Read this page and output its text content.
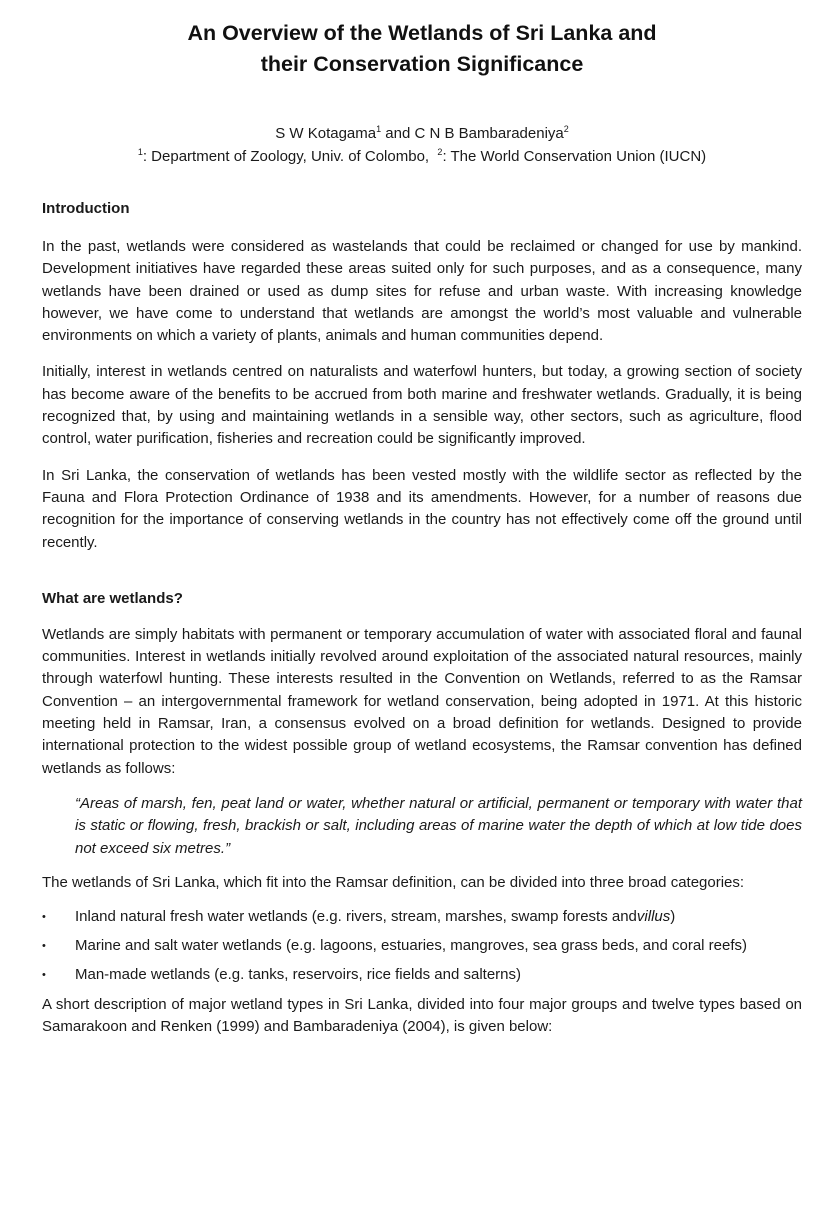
An Overview of the Wetlands of Sri Lanka and
their Conservation Significance
S W Kotagama$^1$ and C N B Bambaradeniya$^2$
$^1$: Department of Zoology, Univ. of Colombo,  $^2$: The World Conservation Union (IUCN)
Introduction

In the past, wetlands were considered as wastelands that could be reclaimed or changed for use by mankind. Development initiatives have regarded these areas suited only for such purposes, and as a consequence, many wetlands have been drained or used as dump sites for refuse and urban waste. With increasing knowledge however, we have come to understand that wetlands are amongst the world’s most valuable and vulnerable environments on which a variety of plants, animals and human communities depend.

Initially, interest in wetlands centred on naturalists and waterfowl hunters, but today, a growing section of society has become aware of the benefits to be accrued from both marine and freshwater wetlands. Gradually, it is being recognized that, by using and maintaining wetlands in a sensible way, other sectors, such as agriculture, flood control, water purification, fisheries and recreation could be significantly improved.

In Sri Lanka, the conservation of wetlands has been vested mostly with the wildlife sector as reflected by the Fauna and Flora Protection Ordinance of 1938 and its amendments. However, for a number of reasons due recognition for the importance of conserving wetlands in the country has not effectively come off the ground until recently.

What are wetlands?

Wetlands are simply habitats with permanent or temporary accumulation of water with associated floral and faunal communities. Interest in wetlands initially revolved around exploitation of the associated natural resources, mainly through waterfowl hunting. These interests resulted in the Convention on Wetlands, referred to as the Ramsar Convention – an intergovernmental framework for wetland conservation, being adopted in 1971. At this historic meeting held in Ramsar, Iran, a consensus evolved on a broad definition for wetlands. Designed to provide international protection to the widest possible group of wetland ecosystems, the Ramsar convention has defined wetlands as follows:

“Areas of marsh, fen, peat land or water, whether natural or artificial, permanent or temporary with water that is static or flowing, fresh, brackish or salt, including areas of marine water the depth of which at low tide does not exceed six metres.”

The wetlands of Sri Lanka, which fit into the Ramsar definition, can be divided into three broad categories:

• Inland natural fresh water wetlands (e.g. rivers, stream, marshes, swamp forests andvillus)
• Marine and salt water wetlands (e.g. lagoons, estuaries, mangroves, sea grass beds, and coral reefs)
• Man-made wetlands (e.g. tanks, reservoirs, rice fields and salterns)

A short description of major wetland types in Sri Lanka, divided into four major groups and twelve types based on Samarakoon and Renken (1999) and Bambaradeniya (2004), is given below:
